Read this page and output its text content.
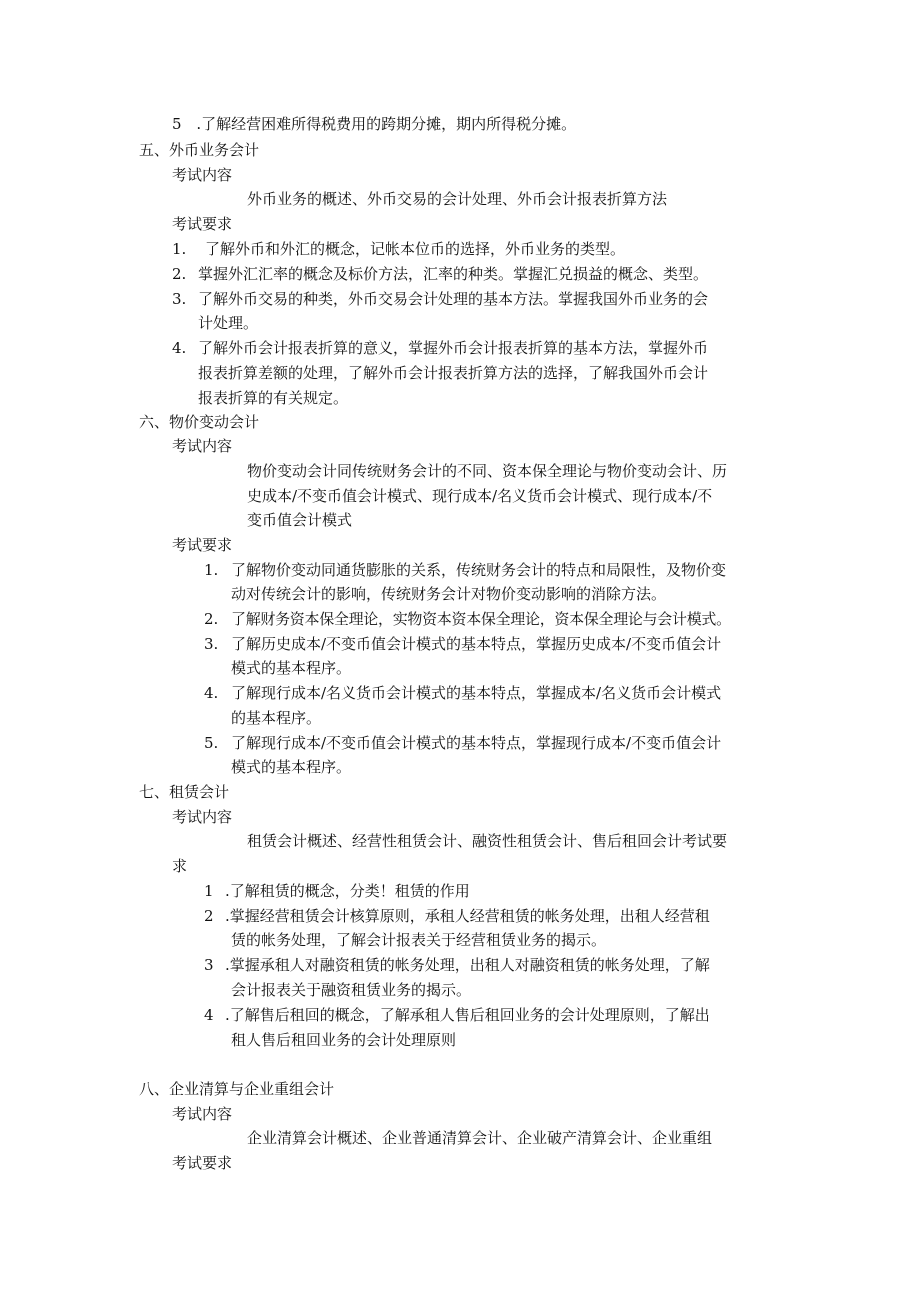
5 .了解经营困难所得税费用的跨期分摊，期内所得税分摊。
五、外币业务会计
考试内容
外币业务的概述、外币交易的会计处理、外币会计报表折算方法
考试要求
1. 了解外币和外汇的概念，记帐本位币的选择，外币业务的类型。
2. 掌握外汇汇率的概念及标价方法，汇率的种类。掌握汇兑损益的概念、类型。
3. 了解外币交易的种类，外币交易会计处理的基本方法。掌握我国外币业务的会
计处理。
4. 了解外币会计报表折算的意义，掌握外币会计报表折算的基本方法，掌握外币
报表折算差额的处理，了解外币会计报表折算方法的选择，了解我国外币会计
报表折算的有关规定。
六、物价变动会计
考试内容
物价变动会计同传统财务会计的不同、资本保全理论与物价变动会计、历
史成本/不变币值会计模式、现行成本/名义货币会计模式、现行成本/不
变币值会计模式
考试要求
1. 了解物价变动同通货膨胀的关系，传统财务会计的特点和局限性，及物价变
动对传统会计的影响，传统财务会计对物价变动影响的消除方法。
2. 了解财务资本保全理论，实物资本资本保全理论，资本保全理论与会计模式。
3. 了解历史成本/不变币值会计模式的基本特点，掌握历史成本/不变币值会计
模式的基本程序。
4. 了解现行成本/名义货币会计模式的基本特点，掌握成本/名义货币会计模式
的基本程序。
5. 了解现行成本/不变币值会计模式的基本特点，掌握现行成本/不变币值会计
模式的基本程序。
七、租赁会计
考试内容
租赁会计概述、经营性租赁会计、融资性租赁会计、售后租回会计考试要
求
1 .了解租赁的概念，分类！租赁的作用
2 .掌握经营租赁会计核算原则，承租人经营租赁的帐务处理，出租人经营租
赁的帐务处理，了解会计报表关于经营租赁业务的揭示。
3 .掌握承租人对融资租赁的帐务处理，出租人对融资租赁的帐务处理，了解
会计报表关于融资租赁业务的揭示。
4 .了解售后租回的概念，了解承租人售后租回业务的会计处理原则，了解出
租人售后租回业务的会计处理原则
八、企业清算与企业重组会计
考试内容
企业清算会计概述、企业普通清算会计、企业破产清算会计、企业重组
考试要求
